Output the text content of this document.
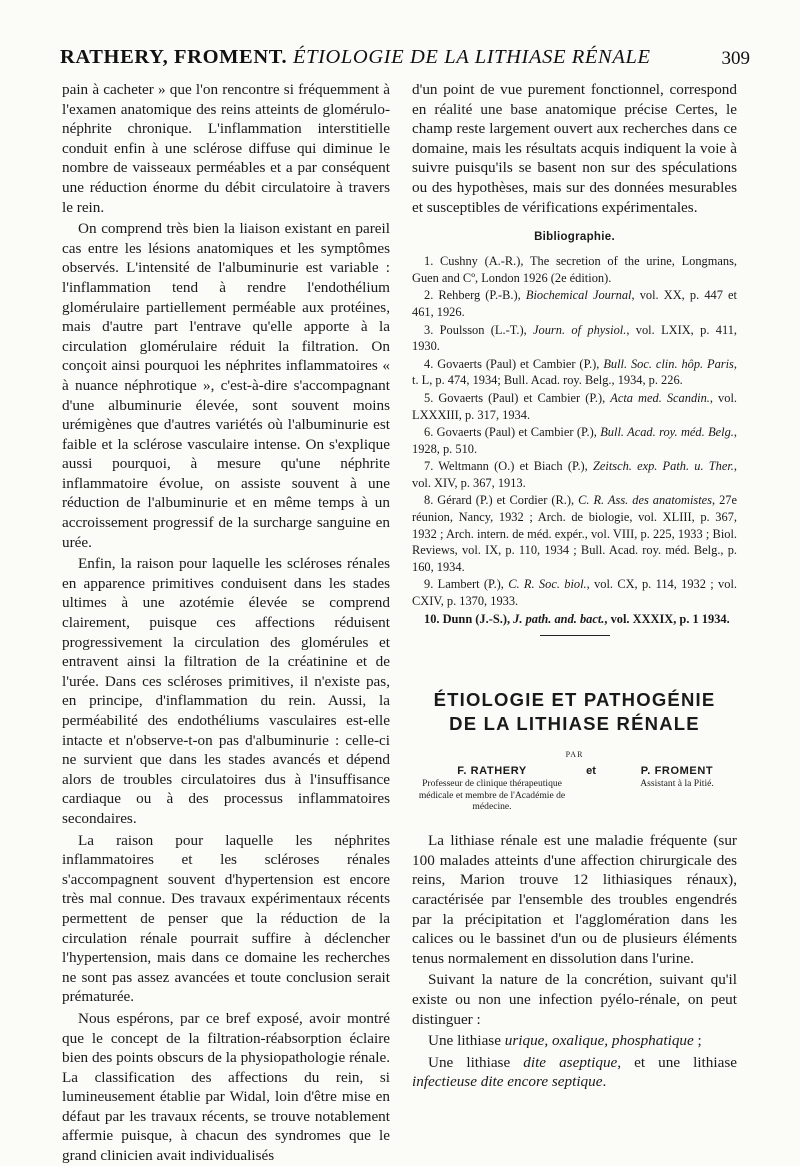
RATHERY, FROMENT. ÉTIOLOGIE DE LA LITHIASE RÉNALE	309

pain à cacheter » que l'on rencontre si fréquemment à l'examen anatomique des reins atteints de glomérulo-néphrite chronique. L'inflammation interstitielle conduit enfin à une sclérose diffuse qui diminue le nombre de vaisseaux perméables et a par conséquent une réduction énorme du débit circulatoire à travers le rein.

On comprend très bien la liaison existant en pareil cas entre les lésions anatomiques et les symptômes observés. L'intensité de l'albuminurie est variable : l'inflammation tend à rendre l'endothélium glomérulaire partiellement perméable aux protéines, mais d'autre part l'entrave qu'elle apporte à la circulation glomérulaire réduit la filtration. On conçoit ainsi pourquoi les néphrites inflammatoires « à nuance néphrotique », c'est-à-dire s'accompagnant d'une albuminurie élevée, sont souvent moins urémigènes que d'autres variétés où l'albuminurie est faible et la sclérose vasculaire intense. On s'explique aussi pourquoi, à mesure qu'une néphrite inflammatoire évolue, on assiste souvent à une réduction de l'albuminurie et en même temps à un accroissement progressif de la surcharge sanguine en urée.

Enfin, la raison pour laquelle les scléroses rénales en apparence primitives conduisent dans les stades ultimes à une azotémie élevée se comprend clairement, puisque ces affections réduisent progressivement la circulation des glomérules et entravent ainsi la filtration de la créatinine et de l'urée. Dans ces scléroses primitives, il n'existe pas, en principe, d'inflammation du rein. Aussi, la perméabilité des endothéliums vasculaires est-elle intacte et n'observe-t-on pas d'albuminurie : celle-ci ne survient que dans les stades avancés et dépend alors de troubles circulatoires dus à l'insuffisance cardiaque ou à des processus inflammatoires secondaires.

La raison pour laquelle les néphrites inflammatoires et les scléroses rénales s'accompagnent souvent d'hypertension est encore très mal connue. Des travaux expérimentaux récents permettent de penser que la réduction de la circulation rénale pourrait suffire à déclencher l'hypertension, mais dans ce domaine les recherches ne sont pas assez avancées et toute conclusion serait prématurée.

Nous espérons, par ce bref exposé, avoir montré que le concept de la filtration-réabsorption éclaire bien des points obscurs de la physiopathologie rénale. La classification des affections du rein, si lumineusement établie par Widal, loin d'être mise en défaut par les travaux récents, se trouve notablement affermie puisque, à chacun des syndromes que le grand clinicien avait individualisés

d'un point de vue purement fonctionnel, correspond en réalité une base anatomique précise Certes, le champ reste largement ouvert aux recherches dans ce domaine, mais les résultats acquis indiquent la voie à suivre puisqu'ils se basent non sur des spéculations ou des hypothèses, mais sur des données mesurables et susceptibles de vérifications expérimentales.

Bibliographie.
1. Cushny (A.-R.), The secretion of the urine, Longmans, Guen and Cº, London 1926 (2e édition).
2. Rehberg (P.-B.), Biochemical Journal, vol. XX, p. 447 et 461, 1926.
3. Poulsson (L.-T.), Journ. of physiol., vol. LXIX, p. 411, 1930.
4. Govaerts (Paul) et Cambier (P.), Bull. Soc. clin. hôp. Paris, t. L, p. 474, 1934; Bull. Acad. roy. Belg., 1934, p. 226.
5. Govaerts (Paul) et Cambier (P.), Acta med. Scandin., vol. LXXXIII, p. 317, 1934.
6. Govaerts (Paul) et Cambier (P.), Bull. Acad. roy. méd. Belg., 1928, p. 510.
7. Weltmann (O.) et Biach (P.), Zeitsch. exp. Path. u. Ther., vol. XIV, p. 367, 1913.
8. Gérard (P.) et Cordier (R.), C. R. Ass. des anatomistes, 27e réunion, Nancy, 1932 ; Arch. de biologie, vol. XLIII, p. 367, 1932 ; Arch. intern. de méd. expér., vol. VIII, p. 225, 1933 ; Biol. Reviews, vol. IX, p. 110, 1934 ; Bull. Acad. roy. méd. Belg., p. 160, 1934.
9. Lambert (P.), C. R. Soc. biol., vol. CX, p. 114, 1932 ; vol. CXIV, p. 1370, 1933.
10. Dunn (J.-S.), J. path. and. bact., vol. XXXIX, p. 1 1934.
ÉTIOLOGIE ET PATHOGÉNIE
DE LA LITHIASE RÉNALE
PAR
F. RATHERY
Professeur de clinique thérapeutique médicale et membre de l'Académie de médecine.
et	P. FROMENT
Assistant à la Pitié.

La lithiase rénale est une maladie fréquente (sur 100 malades atteints d'une affection chirurgicale des reins, Marion trouve 12 lithiasiques rénaux), caractérisée par l'ensemble des troubles engendrés par la précipitation et l'agglomération dans les calices ou le bassinet d'un ou de plusieurs éléments tenus normalement en dissolution dans l'urine.

Suivant la nature de la concrétion, suivant qu'il existe ou non une infection pyélo-rénale, on peut distinguer :

Une lithiase urique, oxalique, phosphatique ;

Une lithiase dite aseptique, et une lithiase infectieuse dite encore septique.
